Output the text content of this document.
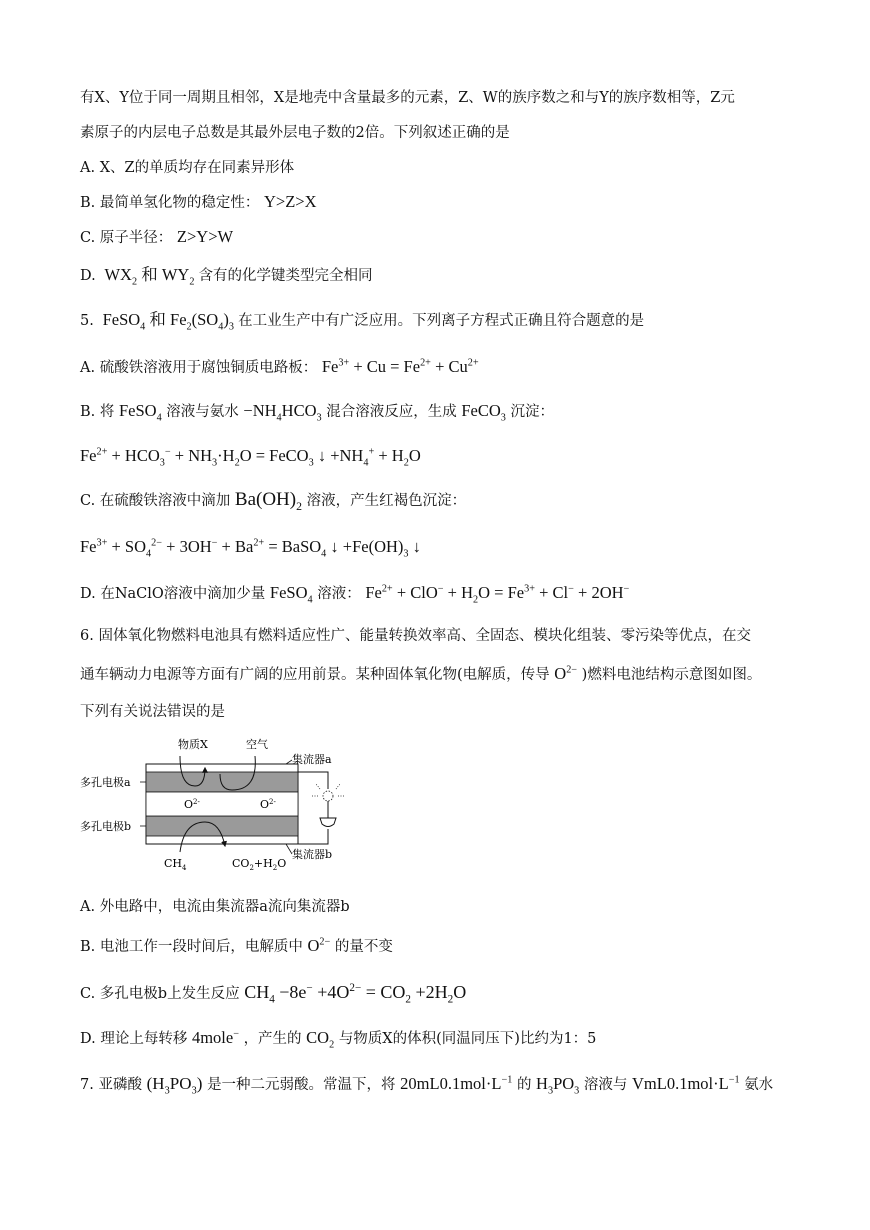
有X、Y位于同一周期且相邻，X是地壳中含量最多的元素，Z、W的族序数之和与Y的族序数相等，Z元
素原子的内层电子总数是其最外层电子数的2倍。下列叙述正确的是
A. X、Z的单质均存在同素异形体
B. 最简单氢化物的稳定性： Y>Z>X
C. 原子半径： Z>Y>W
D.  $WX_2$ 和 $WY_2$ 含有的化学键类型完全相同
5.  FeSO$_4$ 和 $Fe_2(SO_4)_3$ 在工业生产中有广泛应用。下列离子方程式正确且符合题意的是
A. 硫酸铁溶液用于腐蚀铜质电路板： $Fe^{3+} + Cu = Fe^{2+} + Cu^{2+}$
B. 将 FeSO$_4$ 溶液与氨水 $-NH_4HCO_3$ 混合溶液反应，生成 FeCO$_3$ 沉淀：
$Fe^{2+} + HCO_3^- + NH_3\cdot H_2O$ = FeCO$_3$ ↓ $+NH_4^+ + H_2O$
C. 在硫酸铁溶液中滴加 $Ba(OH)_2$ 溶液，产生红褐色沉淀：
$Fe^{3+} + SO_4^{2-} + 3OH^- + Ba^{2+}$ = BaSO$_4$ ↓ $+Fe(OH)_3$ ↓
D. 在NaClO溶液中滴加少量 FeSO$_4$ 溶液： $Fe^{2+} + ClO^- + H_2O = Fe^{3+} + Cl^- + 2OH^-$
6. 固体氧化物燃料电池具有燃料适应性广、能量转换效率高、全固态、模块化组装、零污染等优点，在交
通车辆动力电源等方面有广阔的应用前景。某种固体氧化物(电解质，传导 $O^{2-}$ )燃料电池结构示意图如图。
下列有关说法错误的是
物质X	空气
集流器a
多孔电极a
多孔电极b
集流器b
$O^{2-}$	$O^{2-}$
$CH_4$	$CO_2+H_2O$
A. 外电路中，电流由集流器a流向集流器b
B. 电池工作一段时间后，电解质中 $O^{2-}$ 的量不变
C. 多孔电极b上发生反应 $CH_4 -8e^- +4O^{2-} = CO_2 +2H_2O$
D. 理论上每转移 4mole− ，产生的 $CO_2$ 与物质X的体积(同温同压下)比约为1：5
7. 亚磷酸 $(H_3PO_3)$ 是一种二元弱酸。常温下，将 $20mL0.1mol\cdot L^{-1}$ 的 $H_3PO_3$ 溶液与 $VmL0.1mol\cdot L^{-1}$ 氨水
